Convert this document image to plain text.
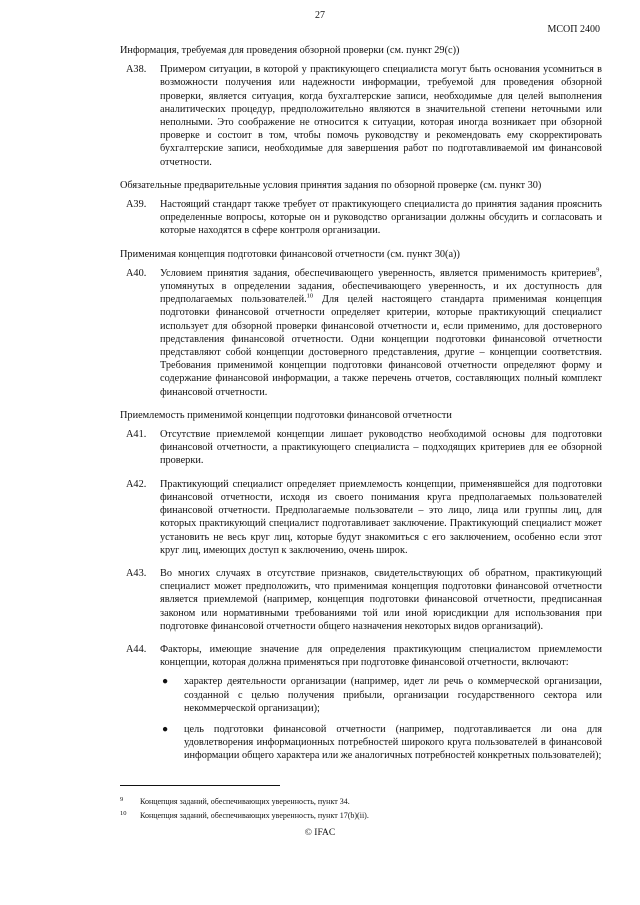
27
МСОП 2400
Информация, требуемая для проведения обзорной проверки (см. пункт 29(с))
А38. Примером ситуации, в которой у практикующего специалиста могут быть основания усомниться в возможности получения или надежности информации, требуемой для проведения обзорной проверки, является ситуация, когда бухгалтерские записи, необходимые для целей выполнения аналитических процедур, предположительно являются в значительной степени неточными или неполными. Это соображение не относится к ситуации, которая иногда возникает при обзорной проверке и состоит в том, чтобы помочь руководству и рекомендовать ему скорректировать бухгалтерские записи, необходимые для завершения работ по подготавливаемой им финансовой отчетности.
Обязательные предварительные условия принятия задания по обзорной проверке (см. пункт 30)
А39. Настоящий стандарт также требует от практикующего специалиста до принятия задания прояснить определенные вопросы, которые он и руководство организации должны обсудить и согласовать и которые находятся в сфере контроля организации.
Применимая концепция подготовки финансовой отчетности (см. пункт 30(а))
А40. Условием принятия задания, обеспечивающего уверенность, является применимость критериев$^9$, упомянутых в определении задания, обеспечивающего уверенность, и их доступность для предполагаемых пользователей.$^{10}$ Для целей настоящего стандарта применимая концепция подготовки финансовой отчетности определяет критерии, которые практикующий специалист использует для обзорной проверки финансовой отчетности и, если применимо, для достоверного представления финансовой отчетности. Одни концепции подготовки финансовой отчетности представляют собой концепции достоверного представления, другие – концепции соответствия. Требования применимой концепции подготовки финансовой отчетности определяют форму и содержание финансовой информации, а также перечень отчетов, составляющих полный комплект финансовой отчетности.
Приемлемость применимой концепции подготовки финансовой отчетности
А41. Отсутствие приемлемой концепции лишает руководство необходимой основы для подготовки финансовой отчетности, а практикующего специалиста – подходящих критериев для ее обзорной проверки.
А42. Практикующий специалист определяет приемлемость концепции, применявшейся для подготовки финансовой отчетности, исходя из своего понимания круга предполагаемых пользователей финансовой отчетности. Предполагаемые пользователи – это лицо, лица или группы лиц, для которых практикующий специалист подготавливает заключение. Практикующий специалист может установить не весь круг лиц, которые будут знакомиться с его заключением, особенно если этот круг лиц, имеющих доступ к заключению, очень широк.
А43. Во многих случаях в отсутствие признаков, свидетельствующих об обратном, практикующий специалист может предположить, что применимая концепция подготовки финансовой отчетности является приемлемой (например, концепция подготовки финансовой отчетности, предписанная законом или нормативными требованиями той или иной юрисдикции для использования при подготовке финансовой отчетности общего назначения некоторых видов организаций).
А44. Факторы, имеющие значение для определения практикующим специалистом приемлемости концепции, которая должна применяться при подготовке финансовой отчетности, включают:
● характер деятельности организации (например, идет ли речь о коммерческой организации, созданной с целью получения прибыли, организации государственного сектора или некоммерческой организации);
● цель подготовки финансовой отчетности (например, подготавливается ли она для удовлетворения информационных потребностей широкого круга пользователей в финансовой информации общего характера или же аналогичных потребностей конкретных пользователей);
9	Концепция заданий, обеспечивающих уверенность, пункт 34.
10	Концепция заданий, обеспечивающих уверенность, пункт 17(b)(ii).
© IFAC
